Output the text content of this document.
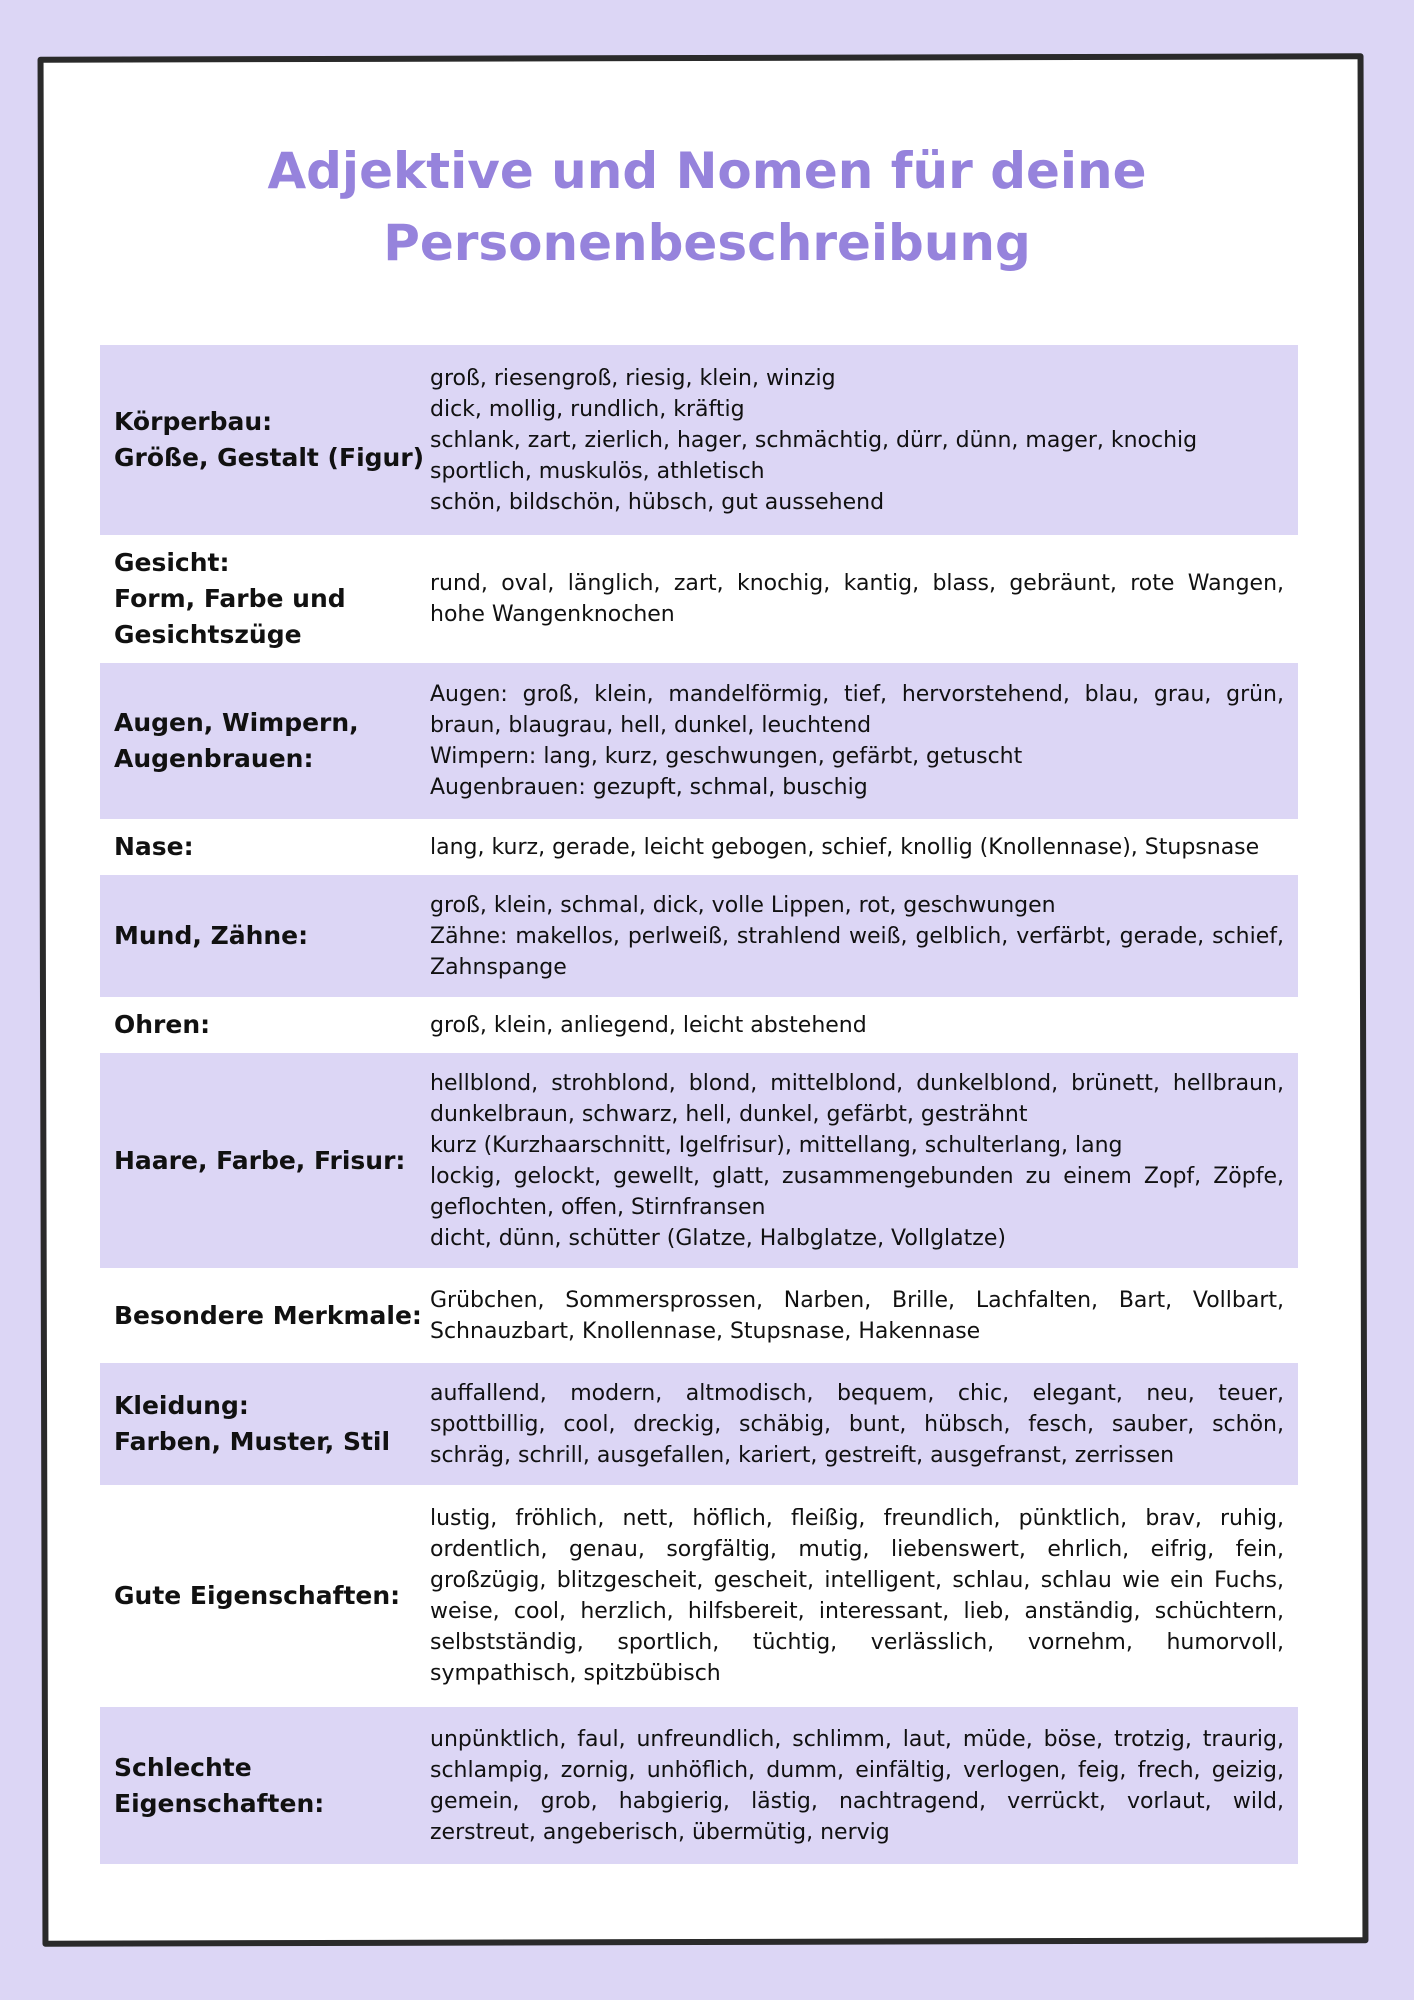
Adjektive und Nomen für deine
Personenbeschreibung
Körperbau:
Größe, Gestalt (Figur)	groß, riesengroß, riesig, klein, winzig
dick, mollig, rundlich, kräftig
schlank, zart, zierlich, hager, schmächtig, dürr, dünn, mager, knochig
sportlich, muskulös, athletisch
schön, bildschön, hübsch, gut aussehend

Gesicht:
Form, Farbe und
Gesichtszüge	rund, oval, länglich, zart, knochig, kantig, blass, gebräunt, rote Wangen, hohe Wangenknochen

Augen, Wimpern,
Augenbrauen:	Augen: groß, klein, mandelförmig, tief, hervorstehend, blau, grau, grün, braun, blaugrau, hell, dunkel, leuchtend
Wimpern: lang, kurz, geschwungen, gefärbt, getuscht
Augenbrauen: gezupft, schmal, buschig

Nase:	lang, kurz, gerade, leicht gebogen, schief, knollig (Knollennase), Stupsnase

Mund, Zähne:	groß, klein, schmal, dick, volle Lippen, rot, geschwungen
Zähne: makellos, perlweiß, strahlend weiß, gelblich, verfärbt, gerade, schief, Zahnspange

Ohren:	groß, klein, anliegend, leicht abstehend

Haare, Farbe, Frisur:	hellblond, strohblond, blond, mittelblond, dunkelblond, brünett, hellbraun, dunkelbraun, schwarz, hell, dunkel, gefärbt, gesträhnt
kurz (Kurzhaarschnitt, Igelfrisur), mittellang, schulterlang, lang
lockig, gelockt, gewellt, glatt, zusammengebunden zu einem Zopf, Zöpfe, geflochten, offen, Stirnfransen
dicht, dünn, schütter (Glatze, Halbglatze, Vollglatze)

Besondere Merkmale:	Grübchen, Sommersprossen, Narben, Brille, Lachfalten, Bart, Vollbart, Schnauzbart, Knollennase, Stupsnase, Hakennase

Kleidung:
Farben, Muster, Stil	auffallend, modern, altmodisch, bequem, chic, elegant, neu, teuer, spottbillig, cool, dreckig, schäbig, bunt, hübsch, fesch, sauber, schön, schräg, schrill, ausgefallen, kariert, gestreift, ausgefranst, zerrissen

Gute Eigenschaften:	lustig, fröhlich, nett, höflich, fleißig, freundlich, pünktlich, brav, ruhig, ordentlich, genau, sorgfältig, mutig, liebenswert, ehrlich, eifrig, fein, großzügig, blitzgescheit, gescheit, intelligent, schlau, schlau wie ein Fuchs, weise, cool, herzlich, hilfsbereit, interessant, lieb, anständig, schüchtern, selbstständig, sportlich, tüchtig, verlässlich, vornehm, humorvoll, sympathisch, spitzbübisch

Schlechte
Eigenschaften:	unpünktlich, faul, unfreundlich, schlimm, laut, müde, böse, trotzig, traurig, schlampig, zornig, unhöflich, dumm, einfältig, verlogen, feig, frech, geizig, gemein, grob, habgierig, lästig, nachtragend, verrückt, vorlaut, wild, zerstreut, angeberisch, übermütig, nervig
